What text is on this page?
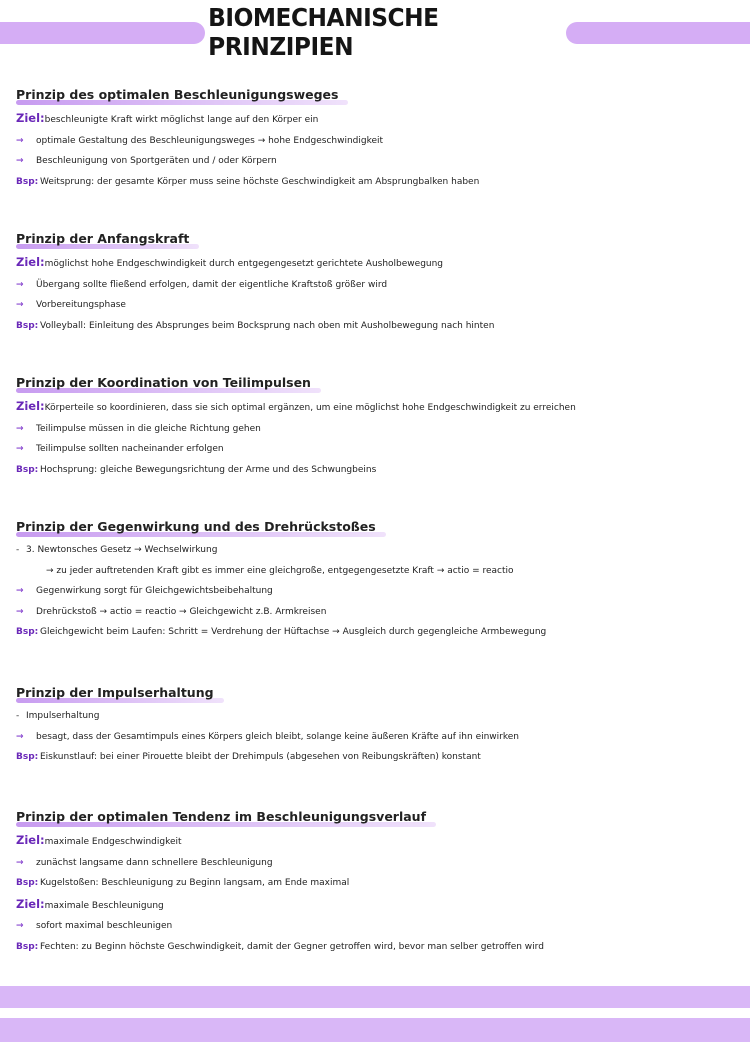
BIOMECHANISCHE PRINZIPIEN
Prinzip des optimalen Beschleunigungsweges
Ziel: beschleunigte Kraft wirkt möglichst lange auf den Körper ein
→	optimale Gestaltung des Beschleunigungsweges → hohe Endgeschwindigkeit
→	Beschleunigung von Sportgeräten und / oder Körpern
Bsp: Weitsprung: der gesamte Körper muss seine höchste Geschwindigkeit am Absprungbalken haben
Prinzip der Anfangskraft
Ziel: möglichst hohe Endgeschwindigkeit durch entgegengesetzt gerichtete Ausholbewegung
→	Übergang sollte fließend erfolgen, damit der eigentliche Kraftstoß größer wird
→	Vorbereitungsphase
Bsp: Volleyball: Einleitung des Absprunges beim Bocksprung nach oben mit Ausholbewegung nach hinten
Prinzip der Koordination von Teilimpulsen
Ziel: Körperteile so koordinieren, dass sie sich optimal ergänzen, um eine möglichst hohe Endgeschwindigkeit zu erreichen
→	Teilimpulse müssen in die gleiche Richtung gehen
→	Teilimpulse sollten nacheinander erfolgen
Bsp: Hochsprung: gleiche Bewegungsrichtung der Arme und des Schwungbeins
Prinzip der Gegenwirkung und des Drehrückstoßes
- 3. Newtonsches Gesetz → Wechselwirkung
→ zu jeder auftretenden Kraft gibt es immer eine gleichgroße, entgegengesetzte Kraft → actio = reactio
→	Gegenwirkung sorgt für Gleichgewichtsbeibehaltung
→	Drehrückstoß → actio = reactio → Gleichgewicht z.B. Armkreisen
Bsp: Gleichgewicht beim Laufen: Schritt = Verdrehung der Hüftachse → Ausgleich durch gegengleiche Armbewegung
Prinzip der Impulserhaltung
- Impulserhaltung
→	besagt, dass der Gesamtimpuls eines Körpers gleich bleibt, solange keine äußeren Kräfte auf ihn einwirken
Bsp: Eiskunstlauf: bei einer Pirouette bleibt der Drehimpuls (abgesehen von Reibungskräften) konstant
Prinzip der optimalen Tendenz im Beschleunigungsverlauf
Ziel: maximale Endgeschwindigkeit
→	zunächst langsame dann schnellere Beschleunigung
Bsp: Kugelstoßen: Beschleunigung zu Beginn langsam, am Ende maximal
Ziel: maximale Beschleunigung
→	sofort maximal beschleunigen
Bsp: Fechten: zu Beginn höchste Geschwindigkeit, damit der Gegner getroffen wird, bevor man selber getroffen wird
